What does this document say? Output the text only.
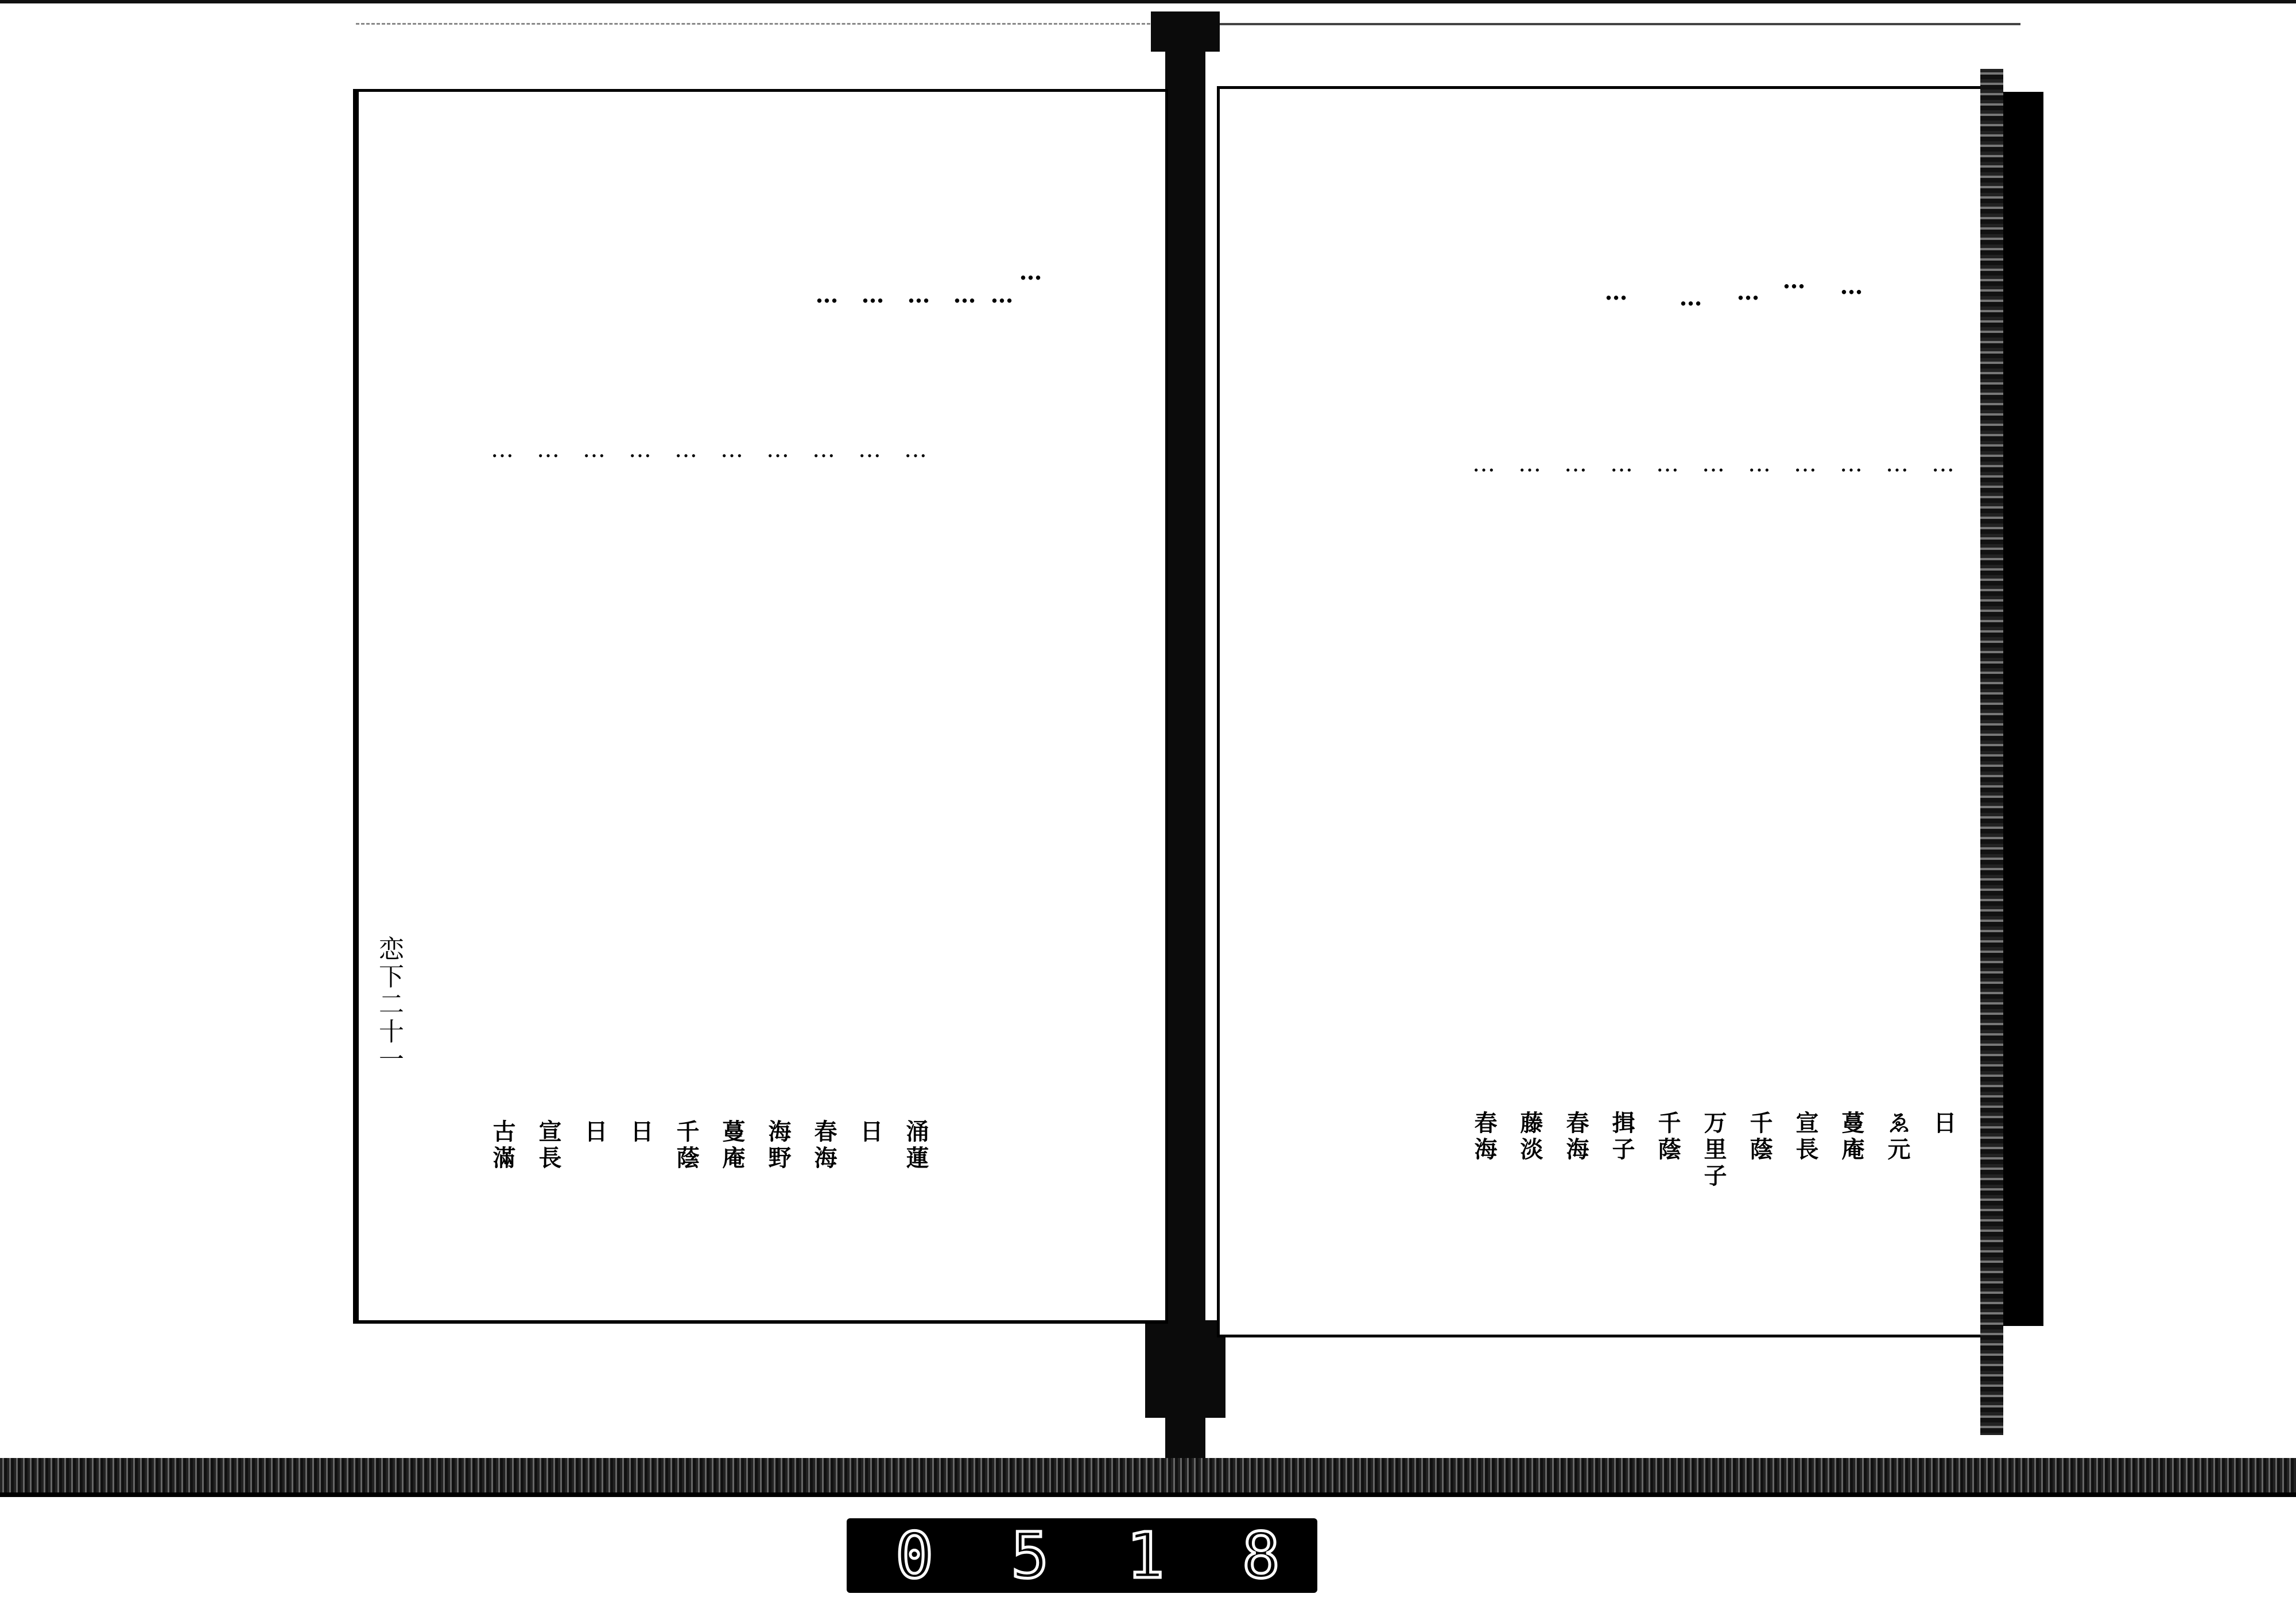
…
…
…
…
…
…
… … … … … … … … … …
恋下二十一
古滿 宣長 日 日 千蔭 蔓庵 海野 春海 日 涌蓮
…
…
…
…
…
…
…
…
…
…
…
…
…
…
…
…
日
ゑ元
蔓庵
宣長
千蔭
万里子
千蔭
揖子
春海
藤淡
春海
0 5 1 8
